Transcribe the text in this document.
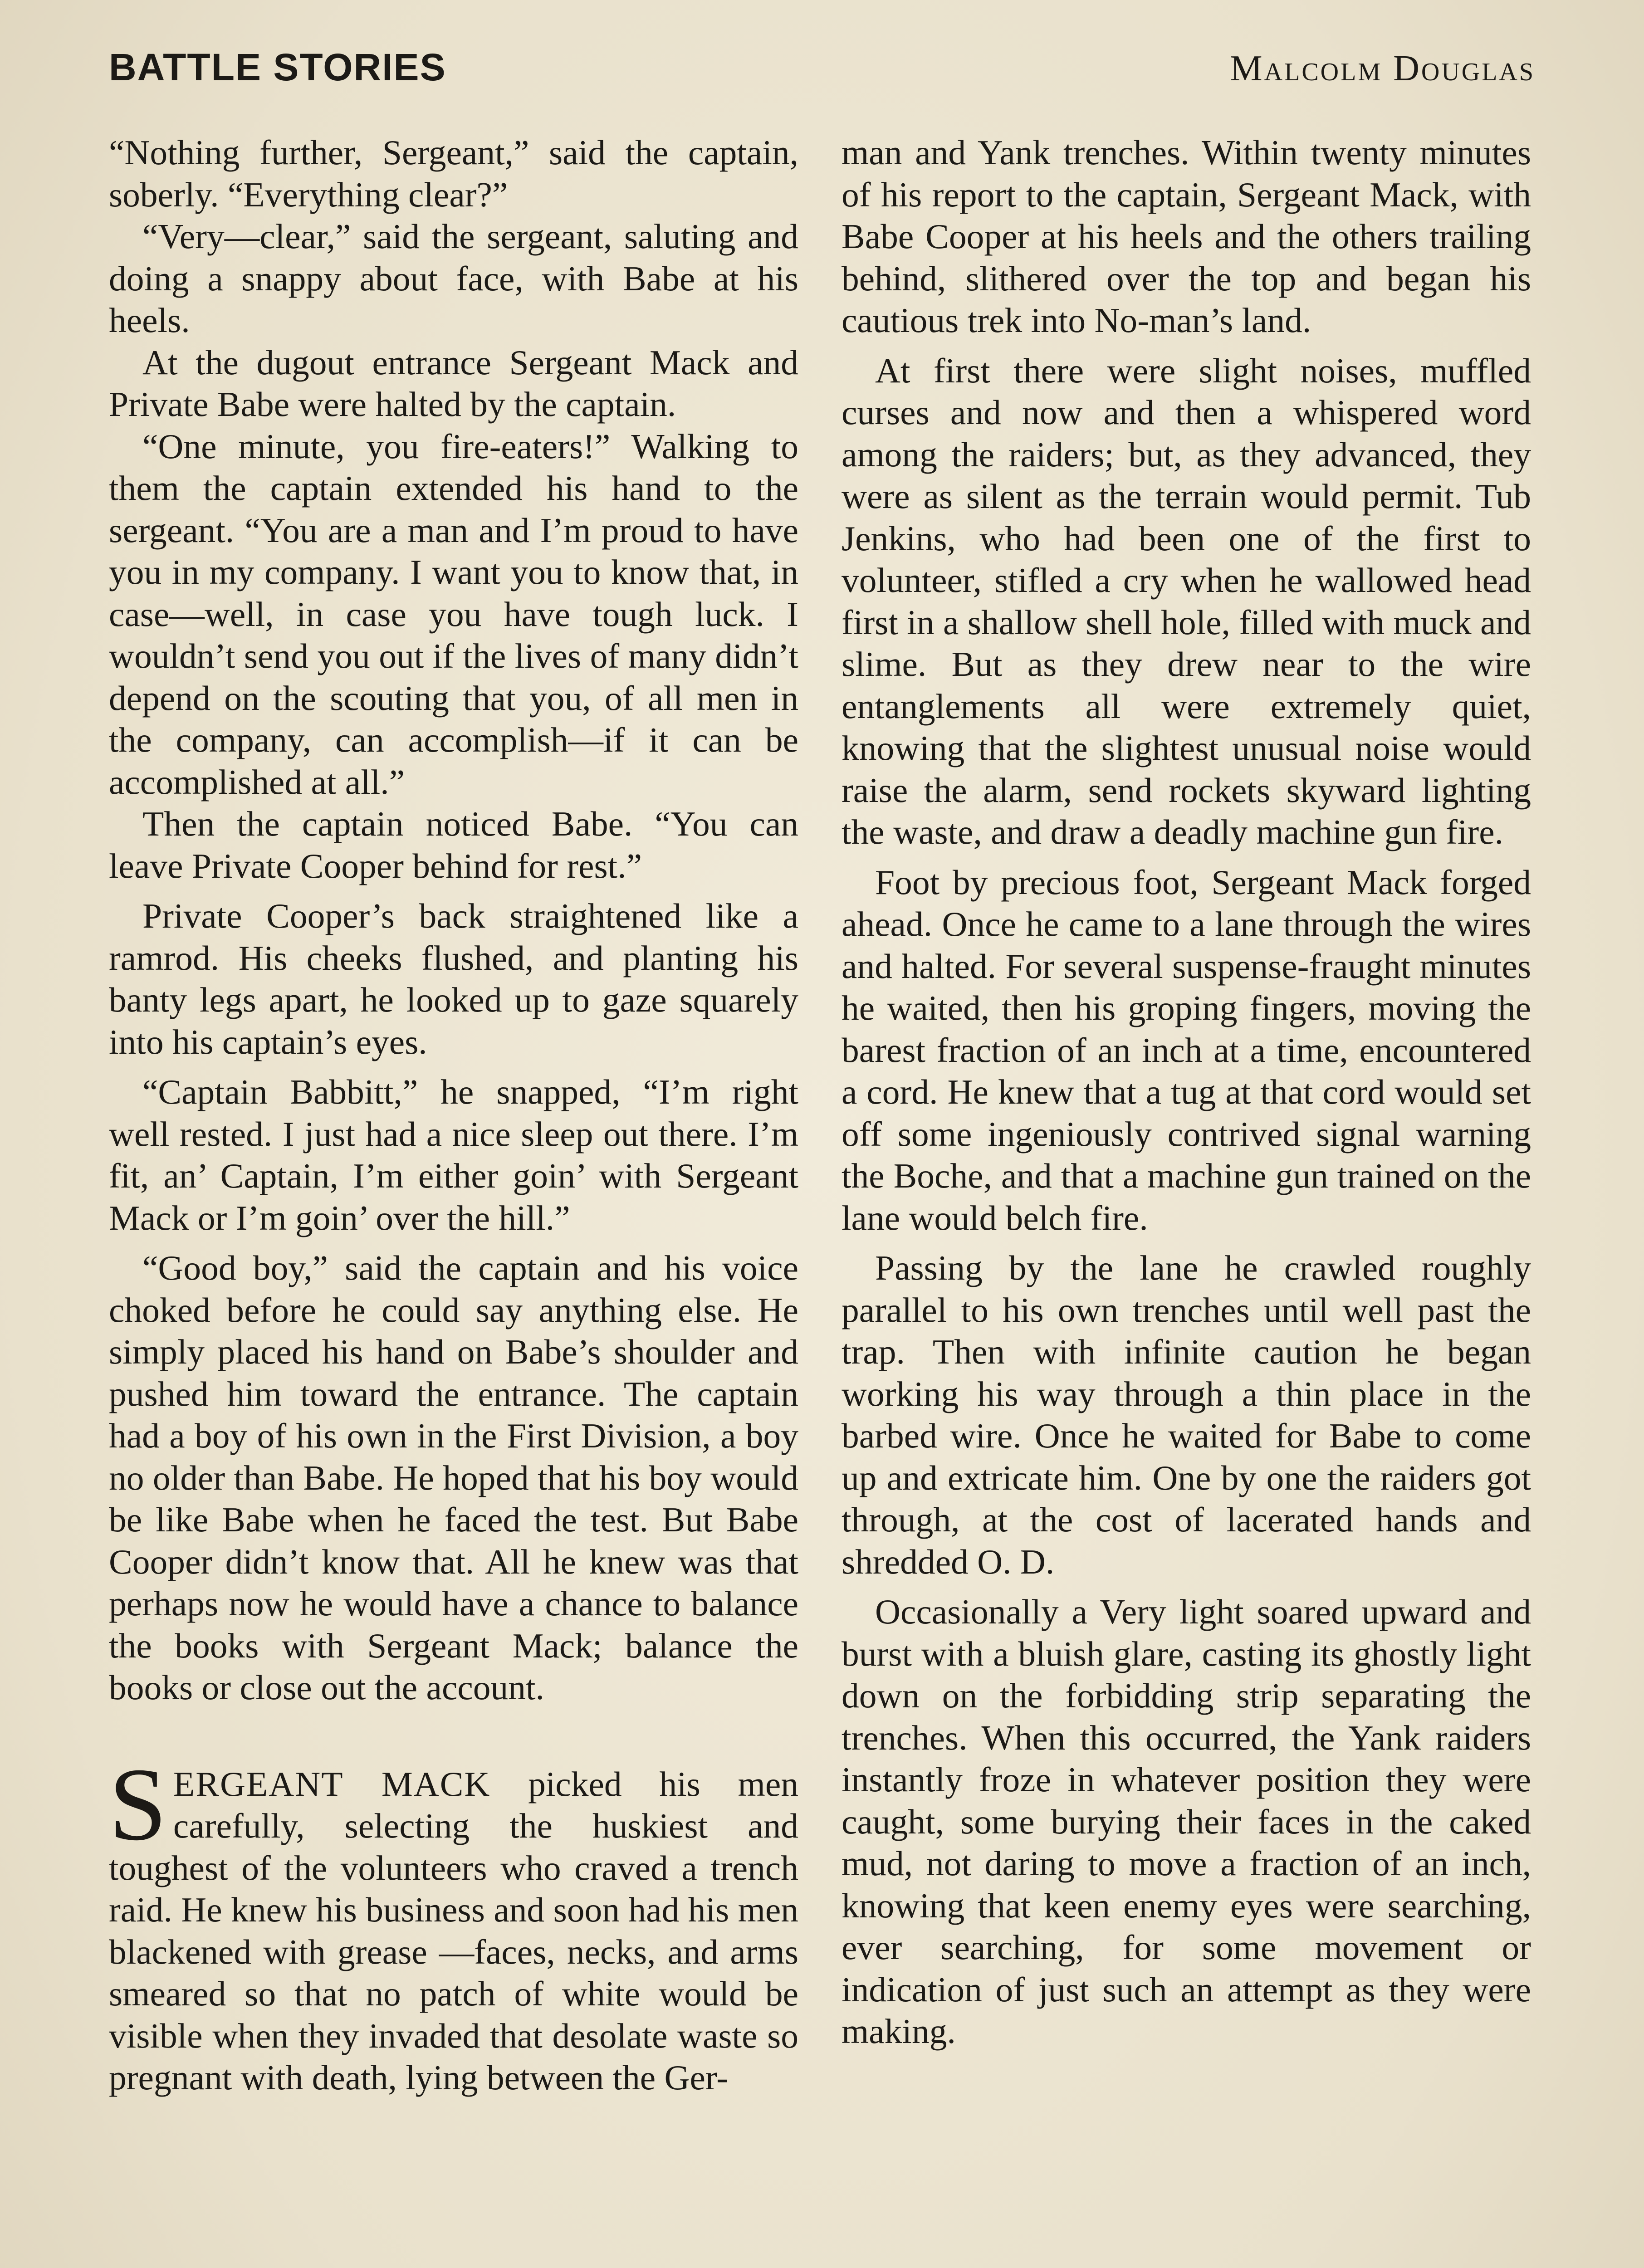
BATTLE STORIES	Malcolm Douglas

“Nothing further, Sergeant,” said the captain, soberly. “Everything clear?”

“Very—clear,” said the sergeant, saluting and doing a snappy about face, with Babe at his heels.

At the dugout entrance Sergeant Mack and Private Babe were halted by the captain.

“One minute, you fire-eaters!” Walking to them the captain extended his hand to the sergeant. “You are a man and I’m proud to have you in my company. I want you to know that, in case—well, in case you have tough luck. I wouldn’t send you out if the lives of many didn’t depend on the scouting that you, of all men in the company, can accomplish—if it can be accomplished at all.”

Then the captain noticed Babe. “You can leave Private Cooper behind for rest.”

Private Cooper’s back straightened like a ramrod. His cheeks flushed, and planting his banty legs apart, he looked up to gaze squarely into his captain’s eyes.

“Captain Babbitt,” he snapped, “I’m right well rested. I just had a nice sleep out there. I’m fit, an’ Captain, I’m either goin’ with Sergeant Mack or I’m goin’ over the hill.”

“Good boy,” said the captain and his voice choked before he could say anything else. He simply placed his hand on Babe’s shoulder and pushed him toward the entrance. The captain had a boy of his own in the First Division, a boy no older than Babe. He hoped that his boy would be like Babe when he faced the test. But Babe Cooper didn’t know that. All he knew was that perhaps now he would have a chance to balance the books with Sergeant Mack; balance the books or close out the account.

SERGEANT MACK picked his men carefully, selecting the huskiest and toughest of the volunteers who craved a trench raid. He knew his business and soon had his men blackened with grease —faces, necks, and arms smeared so that no patch of white would be visible when they invaded that desolate waste so pregnant with death, lying between the Ger-

man and Yank trenches. Within twenty minutes of his report to the captain, Sergeant Mack, with Babe Cooper at his heels and the others trailing behind, slithered over the top and began his cautious trek into No-man’s land.

At first there were slight noises, muffled curses and now and then a whispered word among the raiders; but, as they advanced, they were as silent as the terrain would permit. Tub Jenkins, who had been one of the first to volunteer, stifled a cry when he wallowed head first in a shallow shell hole, filled with muck and slime. But as they drew near to the wire entanglements all were extremely quiet, knowing that the slightest unusual noise would raise the alarm, send rockets skyward lighting the waste, and draw a deadly machine gun fire.

Foot by precious foot, Sergeant Mack forged ahead. Once he came to a lane through the wires and halted. For several suspense-fraught minutes he waited, then his groping fingers, moving the barest fraction of an inch at a time, encountered a cord. He knew that a tug at that cord would set off some ingeniously contrived signal warning the Boche, and that a machine gun trained on the lane would belch fire.

Passing by the lane he crawled roughly parallel to his own trenches until well past the trap. Then with infinite caution he began working his way through a thin place in the barbed wire. Once he waited for Babe to come up and extricate him. One by one the raiders got through, at the cost of lacerated hands and shredded O. D.

Occasionally a Very light soared upward and burst with a bluish glare, casting its ghostly light down on the forbidding strip separating the trenches. When this occurred, the Yank raiders instantly froze in whatever position they were caught, some burying their faces in the caked mud, not daring to move a fraction of an inch, knowing that keen enemy eyes were searching, ever searching, for some movement or indication of just such an attempt as they were making.
